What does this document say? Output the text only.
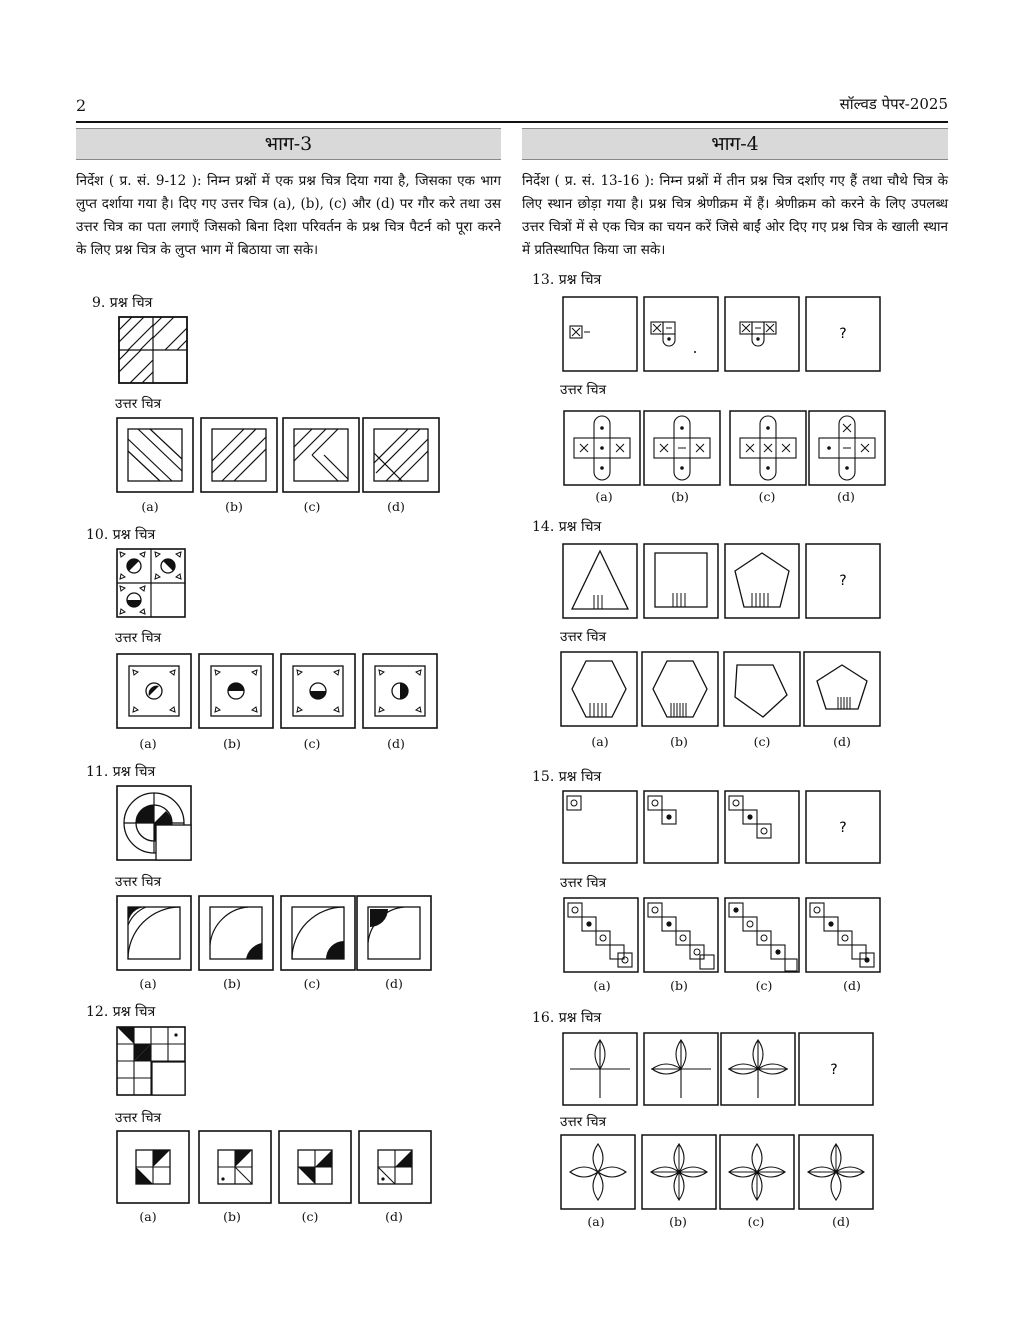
2	सॉल्वड पेपर-2025
भाग-3	भाग-4
निर्देश ( प्र. सं. 9-12 ): निम्न प्रश्नों में एक प्रश्न चित्र दिया गया है, जिसका एक भाग लुप्त दर्शाया गया है। दिए गए उत्तर चित्र (a), (b), (c) और (d) पर गौर करे तथा उस उत्तर चित्र का पता लगाएँ जिसको बिना दिशा परिवर्तन के प्रश्न चित्र पैटर्न को पूरा करने के लिए प्रश्न चित्र के लुप्त भाग में बिठाया जा सके।
निर्देश ( प्र. सं. 13-16 ): निम्न प्रश्नों में तीन प्रश्न चित्र दर्शाए गए हैं तथा चौथे चित्र के लिए स्थान छोड़ा गया है। प्रश्न चित्र श्रेणीक्रम में हैं। श्रेणीक्रम को करने के लिए उपलब्ध उत्तर चित्रों में से एक चित्र का चयन करें जिसे बाईं ओर दिए गए प्रश्न चित्र के खाली स्थान में प्रतिस्थापित किया जा सके।
9. प्रश्न चित्र
उत्तर चित्र
(a)	(b)	(c)	(d)
10. प्रश्न चित्र
उत्तर चित्र
(a)	(b)	(c)	(d)
11. प्रश्न चित्र
उत्तर चित्र
(a)	(b)	(c)	(d)
12. प्रश्न चित्र
उत्तर चित्र
(a)	(b)	(c)	(d)
13. प्रश्न चित्र
?
उत्तर चित्र
(a)	(b)	(c)	(d)
14. प्रश्न चित्र
?
उत्तर चित्र
(a)	(b)	(c)	(d)
15. प्रश्न चित्र
?
उत्तर चित्र
(a)	(b)	(c)	(d)
16. प्रश्न चित्र
?
उत्तर चित्र
(a)	(b)	(c)	(d)
